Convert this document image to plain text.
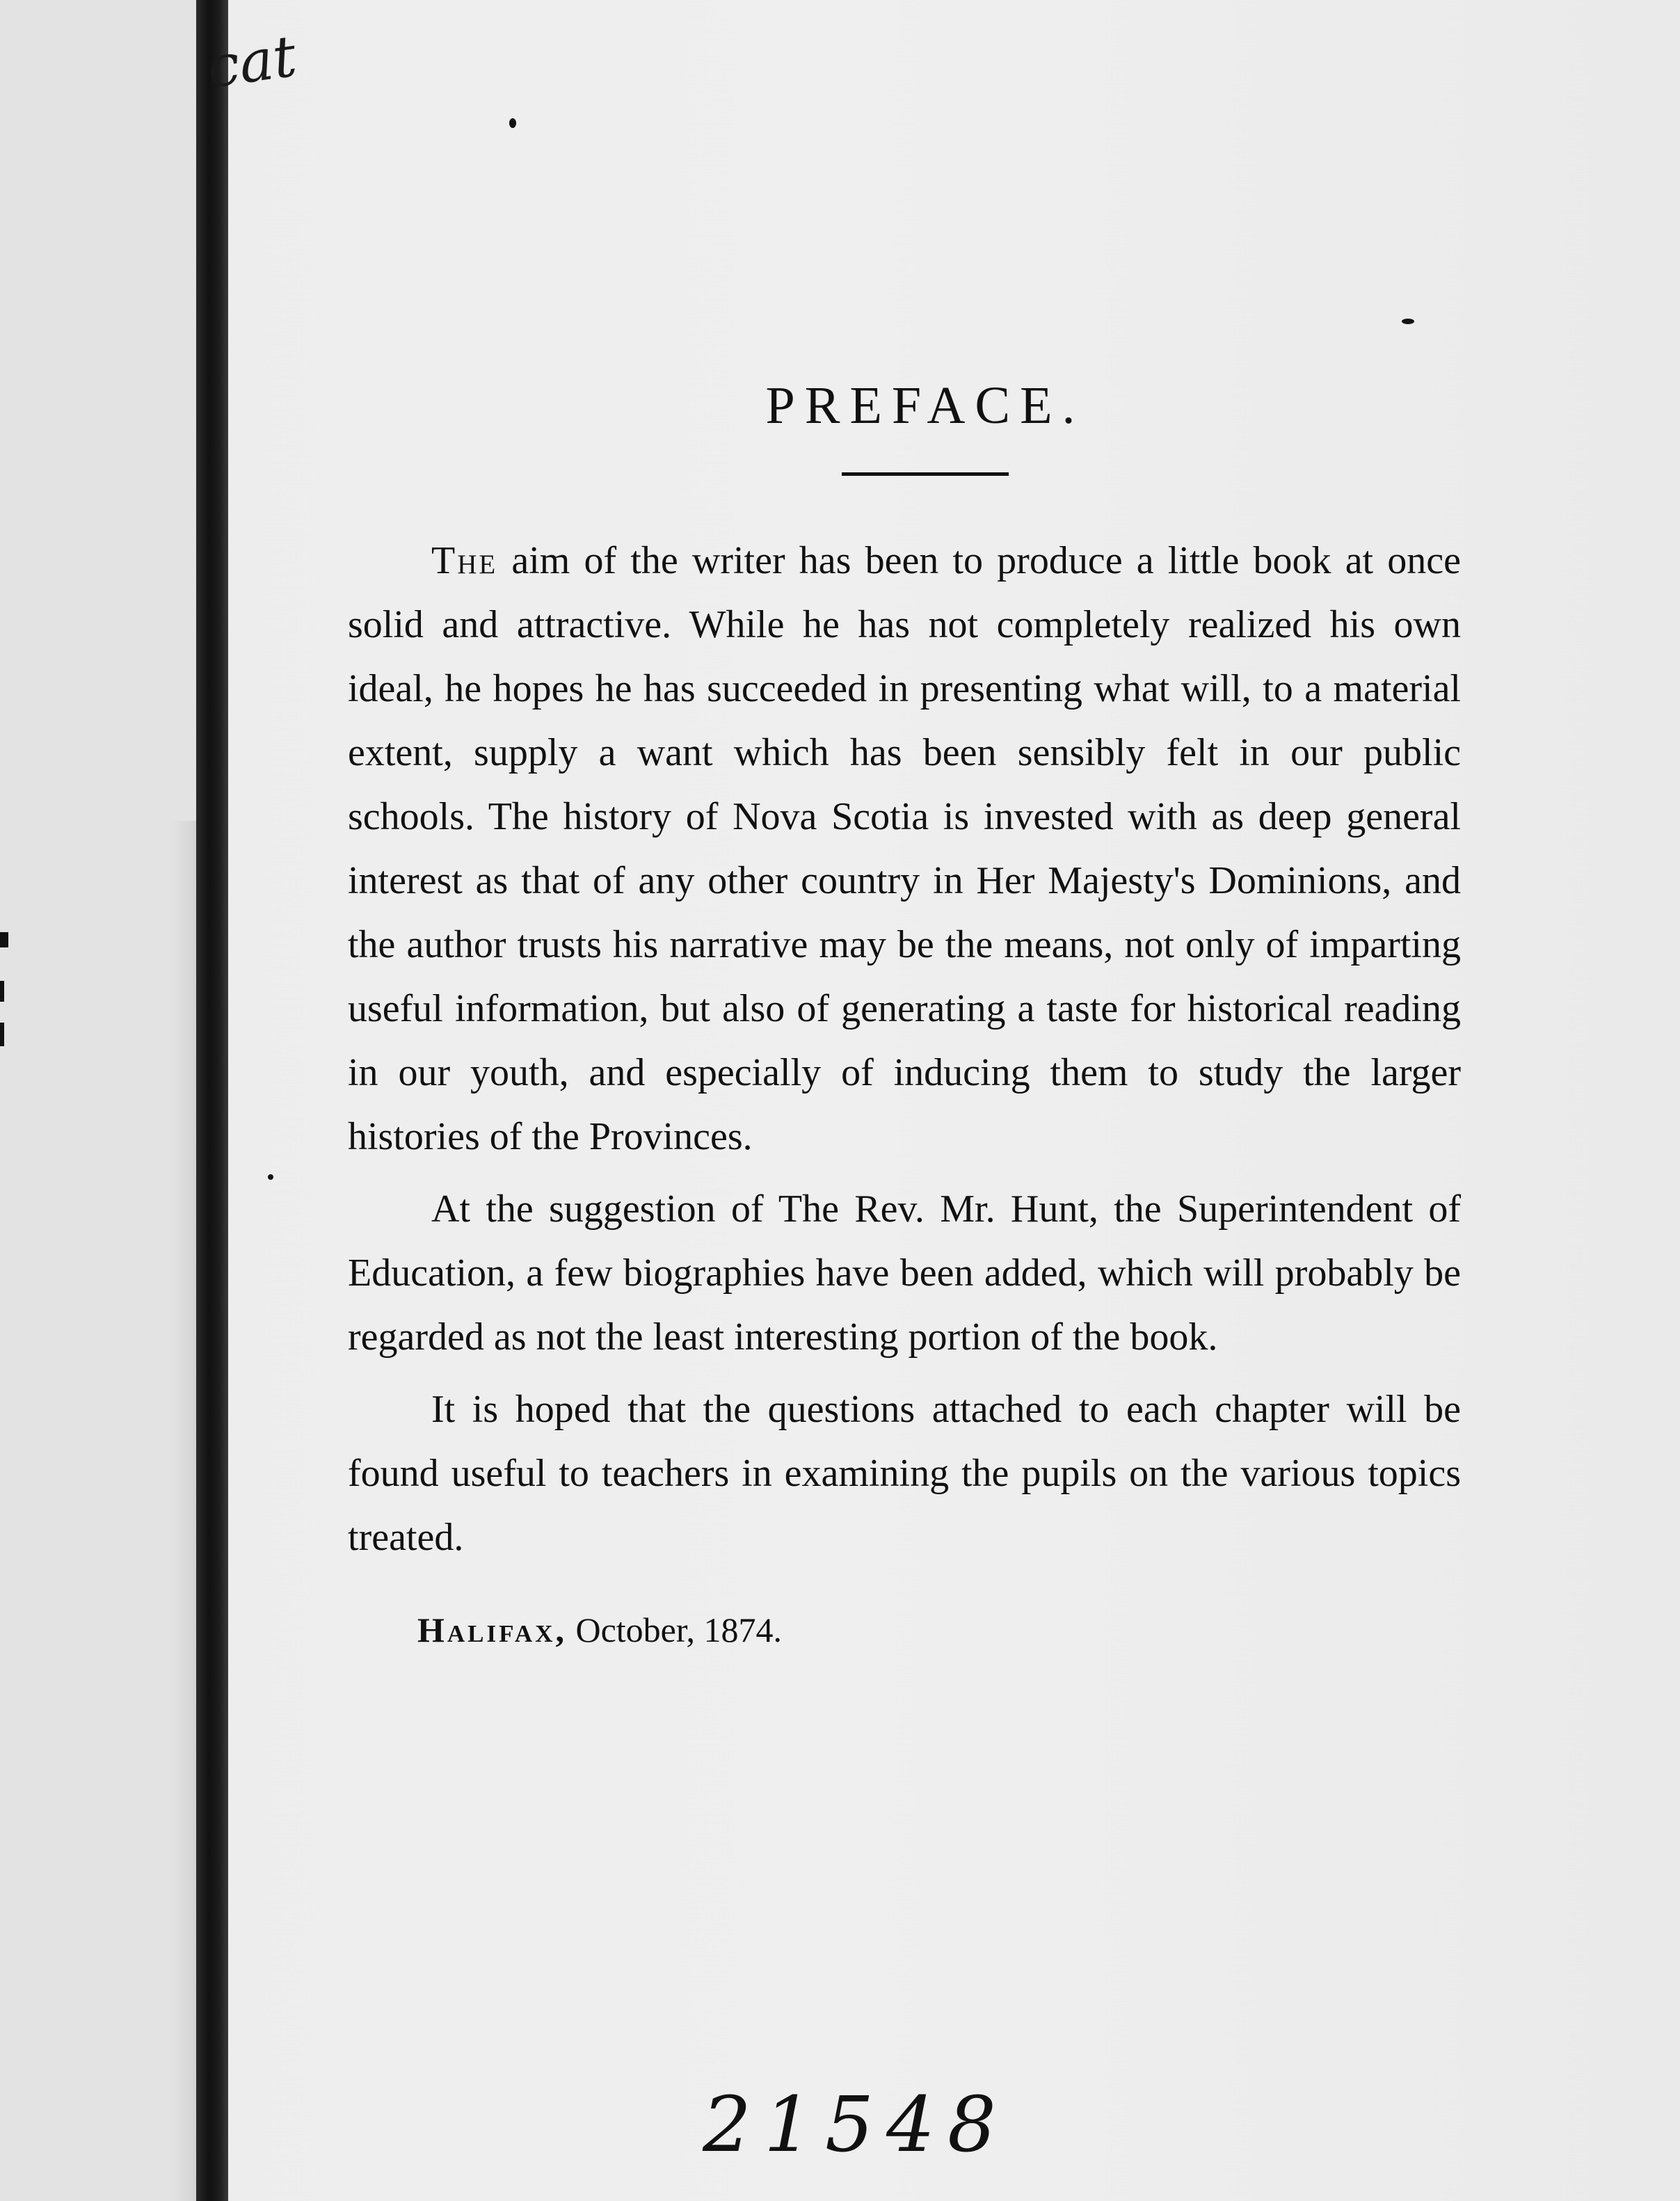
cat
PREFACE.

The aim of the writer has been to produce a little book at once solid and attractive. While he has not completely realized his own ideal, he hopes he has succeeded in presenting what will, to a material extent, supply a want which has been sensibly felt in our public schools. The history of Nova Scotia is invested with as deep general interest as that of any other country in Her Majesty's Dominions, and the author trusts his narrative may be the means, not only of imparting useful information, but also of generating a taste for historical reading in our youth, and especially of inducing them to study the larger histories of the Provinces.

At the suggestion of The Rev. Mr. Hunt, the Superintendent of Education, a few biographies have been added, which will probably be regarded as not the least interesting portion of the book.

It is hoped that the questions attached to each chapter will be found useful to teachers in examining the pupils on the various topics treated.

Halifax, October, 1874.
21548
